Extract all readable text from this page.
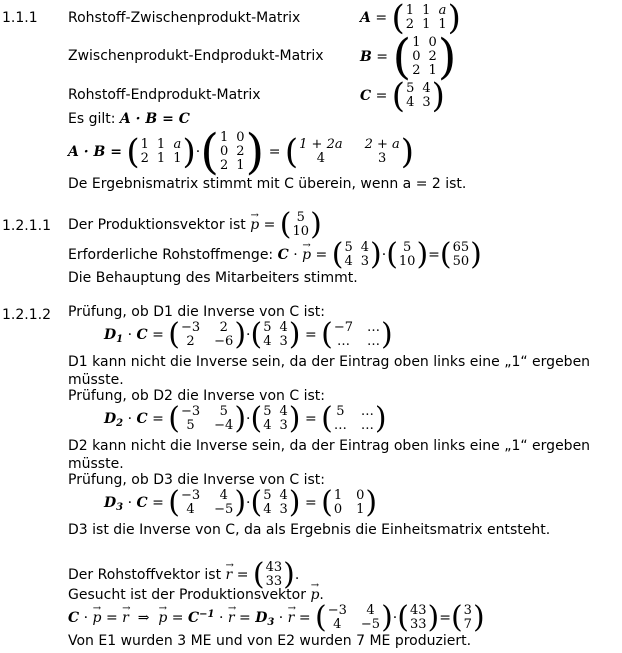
1.1.1 Rohstoff-Zwischenprodukt-Matrix	A = ( 1 1 a
2 1 1 )
Zwischenprodukt-Endprodukt-Matrix	B = ( 1 0
0 2
2 1 )
Rohstoff-Endprodukt-Matrix	C = ( 5 4
4 3 )
Es gilt: A · B = C
A · B = ( 1 1 a
2 1 1 ) · ( 1 0
0 2
2 1 ) = ( 1 + 2a 2 + a
4	3 )
De Ergebnismatrix stimmt mit C überein, wenn a = 2 ist.
1.2.1.1 Der Produktionsvektor ist → p = ( 5
10 )
Erforderliche Rohstoffmenge: C · → p = ( 5 4
4 3 ) · ( 5
10 ) = ( 65
50 )
Die Behauptung des Mitarbeiters stimmt.
1.2.1.2 Prüfung, ob D1 die Inverse von C ist:
$D_1 \cdot C$ = ( −3	2
2	−6 ) · ( 5 4
4 3 ) = ( −7 …
… … )
D1 kann nicht die Inverse sein, da der Eintrag oben links eine „1“ ergeben müsste.
Prüfung, ob D2 die Inverse von C ist:
$D_2 \cdot C$ = ( −3	5
5	−4 ) · ( 5 4
4 3 ) = ( 5 …
… … )
D2 kann nicht die Inverse sein, da der Eintrag oben links eine „1“ ergeben müsste.
Prüfung, ob D3 die Inverse von C ist:
$D_3 \cdot C$ = ( −3	4
4	−5 ) · ( 5 4
4 3 ) = ( 1 0
0 1 )
D3 ist die Inverse von C, da als Ergebnis die Einheitsmatrix entsteht.
Der Rohstoffvektor ist → r = ( 43
33 ) .
Gesucht ist der Produktionsvektor → p.
C · → p = → r  ⇒  → $p = C^{-1}$ · → $r = D_3$ · → r = ( −3	4
4	−5 ) · ( 43
33 ) = ( 3
7 )
Von E1 wurden 3 ME und von E2 wurden 7 ME produziert.
